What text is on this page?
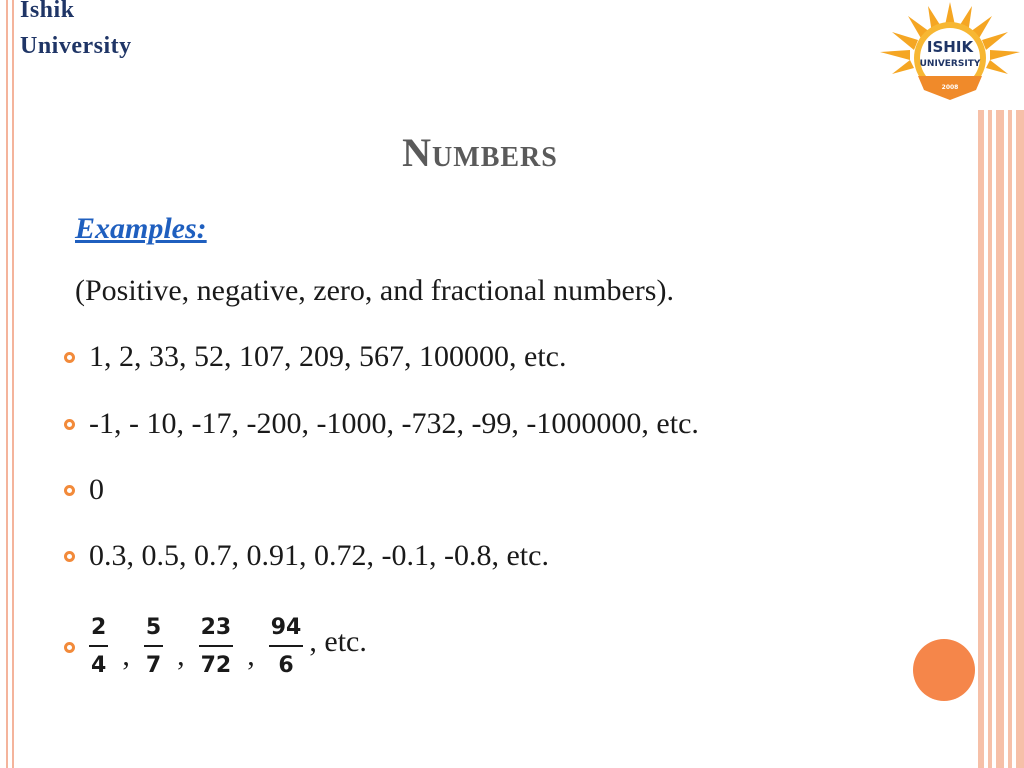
Ishik
University	ISHIK
UNIVERSITY
2008
Numbers
Examples:
(Positive, negative, zero, and fractional numbers).
1, 2, 33, 52, 107, 209, 567, 100000, etc.
-1, - 10, -17, -200, -1000, -732, -99, -1000000, etc.
0
0.3, 0.5, 0.7, 0.91, 0.72, -0.1, -0.8, etc.
$\frac{2}{4}$ , $\frac{5}{7}$ , $\frac{23}{72}$ , $\frac{94}{6}$ , etc.
